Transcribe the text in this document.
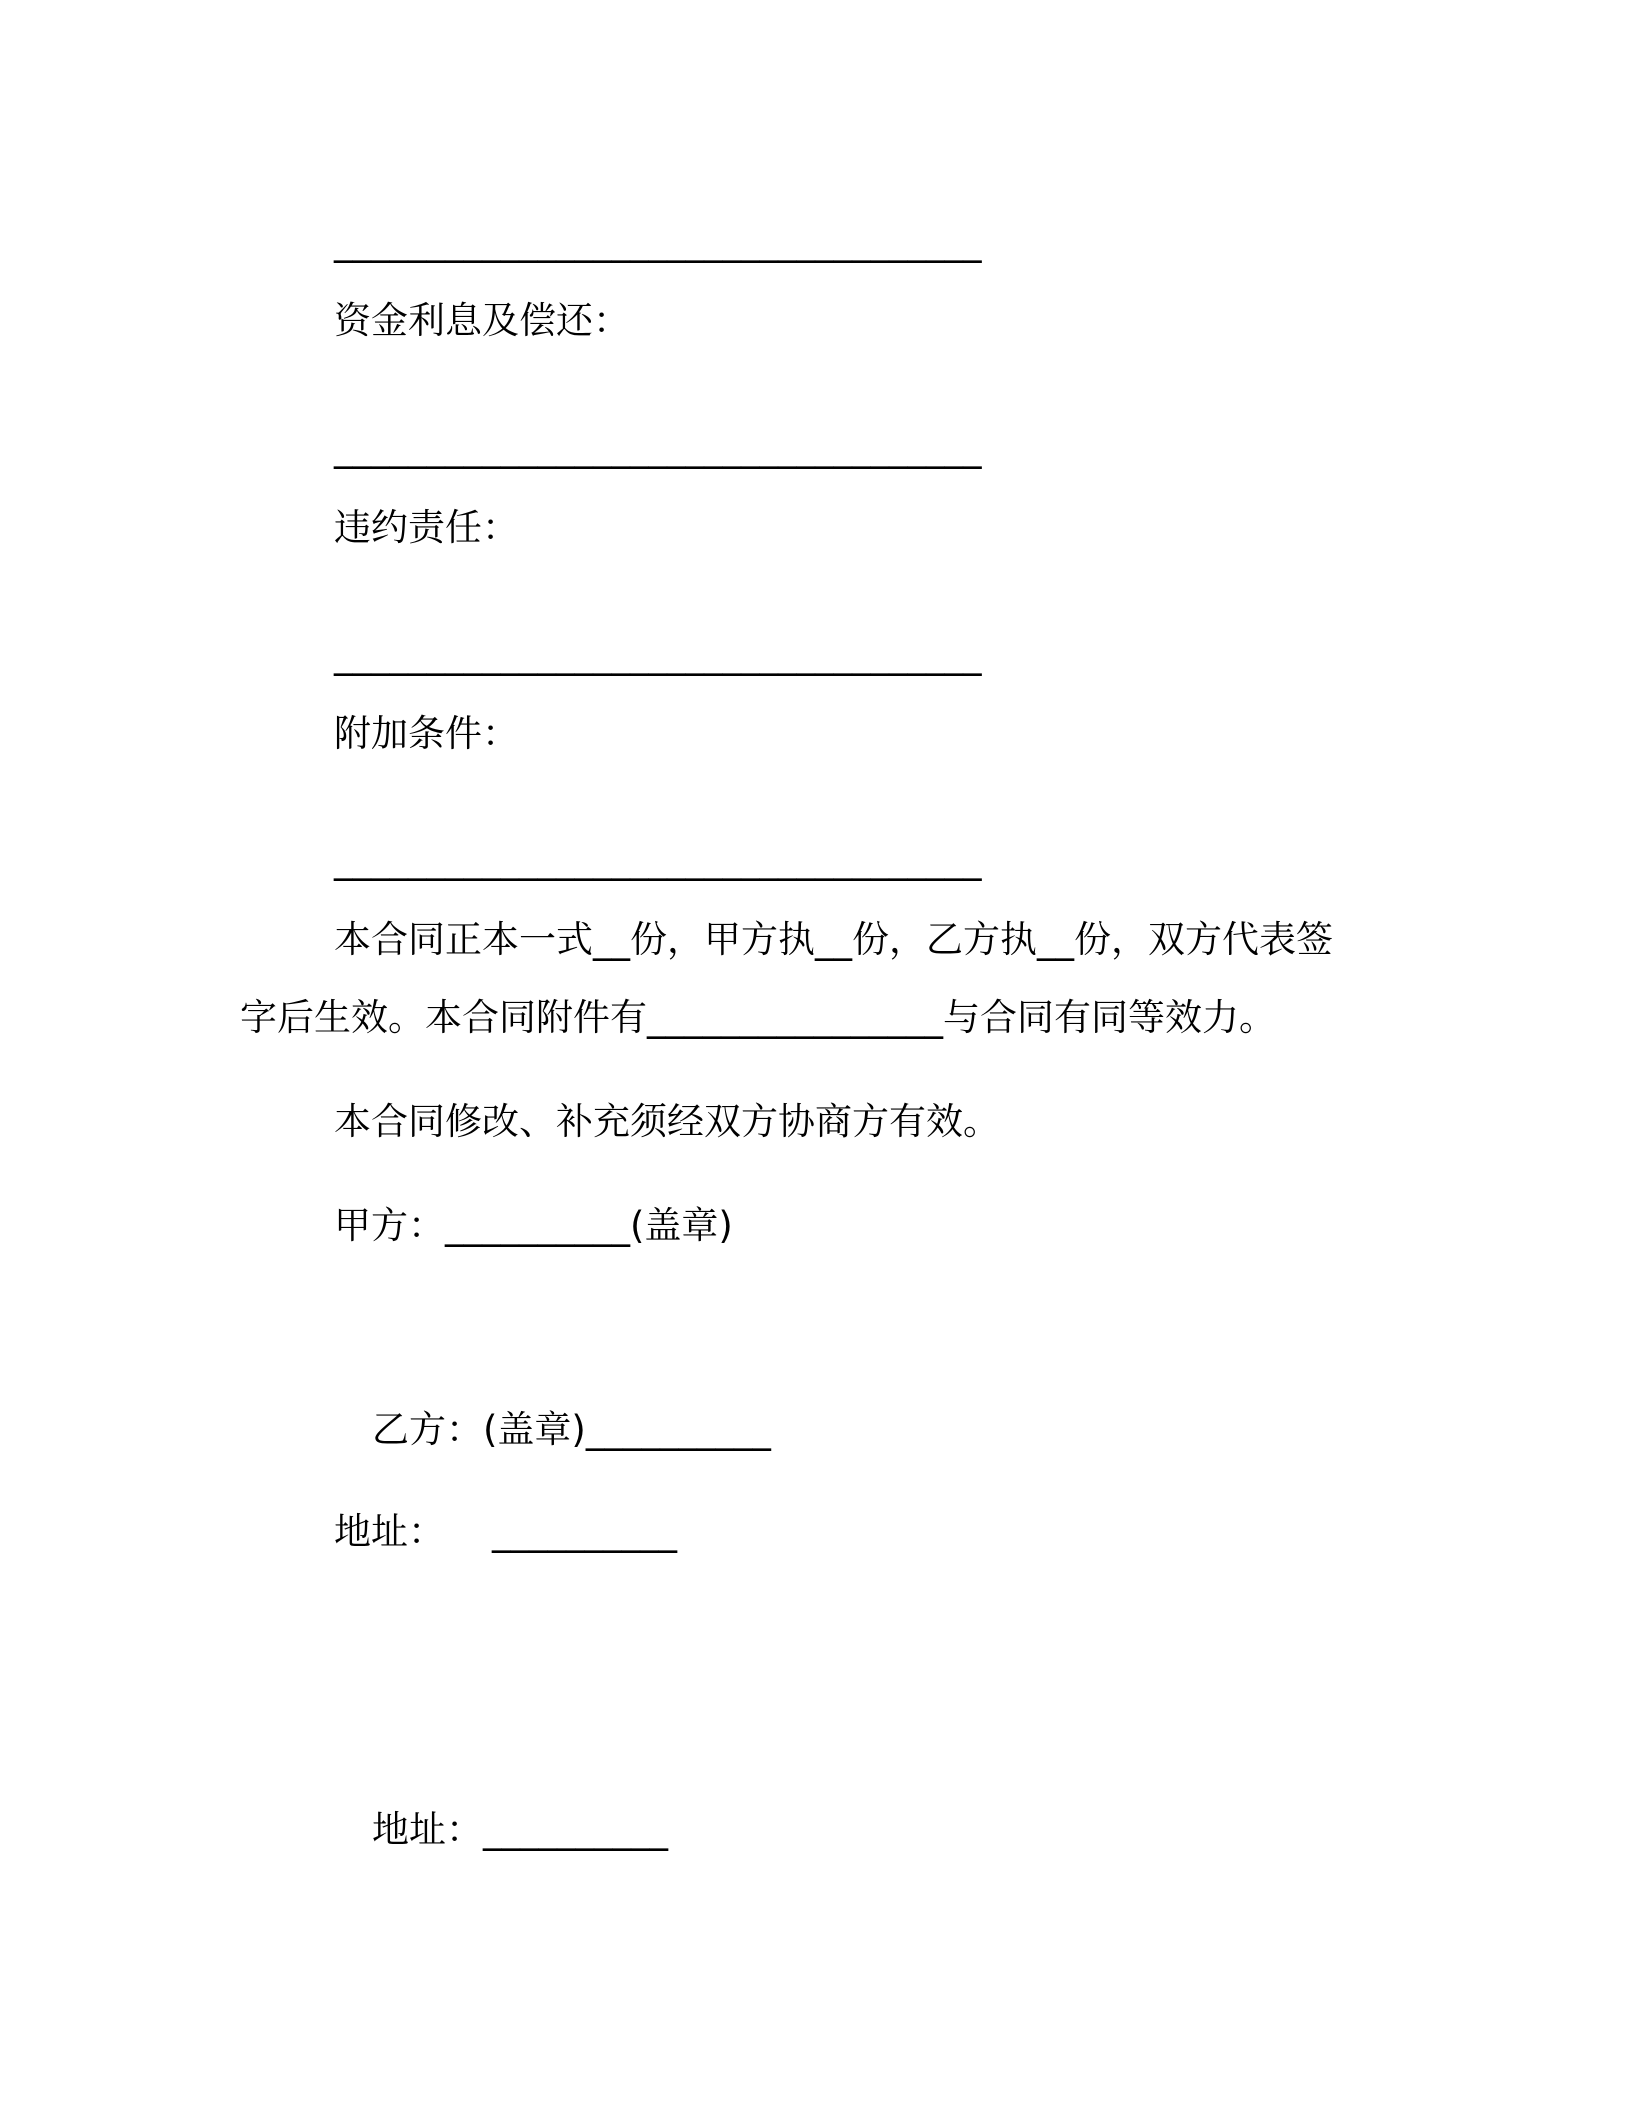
___________________________________
资金利息及偿还：
___________________________________
违约责任：
___________________________________
附加条件：
___________________________________
本合同正本一式__份，甲方执__份，乙方执__份，双方代表签
字后生效。本合同附件有________________与合同有同等效力。
本合同修改、补充须经双方协商方有效。
甲方：__________(盖章)
乙方：(盖章)__________
地址：    __________
地址：__________
